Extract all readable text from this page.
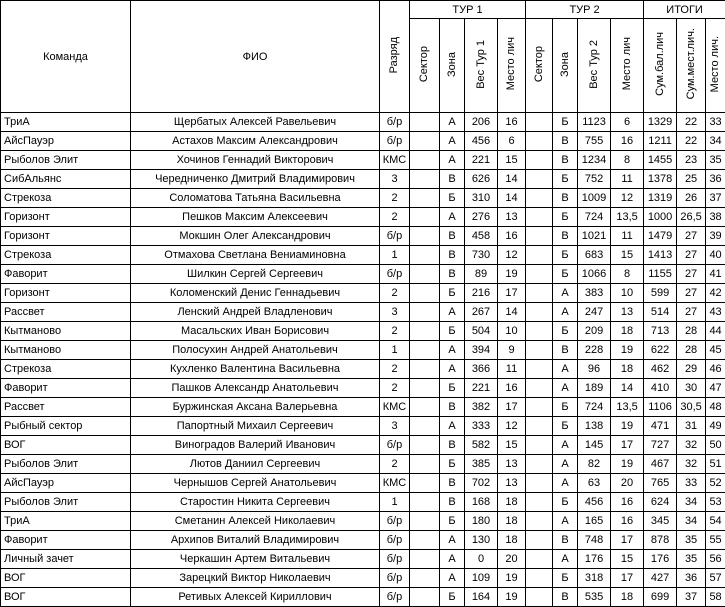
Команда	ФИО	Разряд	ТУР 1				ТУР 2				ИТОГИ		
			Сектор	Зона	Вес Тур 1	Место лич	Сектор	Зона	Вес Тур 2	Место лич	Сум.бал.лич	Сум.мест.лич.	Место лич.
ТриА	Щербатых Алексей Равельевич	б/р		А	206	16		Б	1123	6	1329	22	33
АйсПауэр	Астахов Максим Александрович	б/р		А	456	6		В	755	16	1211	22	34
Рыболов Элит	Хочинов Геннадий Викторович	КМС		А	221	15		В	1234	8	1455	23	35
СибАльянс	Чередниченко Дмитрий Владимирович	3		В	626	14		Б	752	11	1378	25	36
Стрекоза	Соломатова Татьяна Васильевна	2		Б	310	14		В	1009	12	1319	26	37
Горизонт	Пешков Максим Алексеевич	2		А	276	13		Б	724	13,5	1000	26,5	38
Горизонт	Мокшин Олег Александрович	б/р		В	458	16		В	1021	11	1479	27	39
Стрекоза	Отмахова Светлана Вениаминовна	1		В	730	12		Б	683	15	1413	27	40
Фаворит	Шилкин Сергей Сергеевич	б/р		В	89	19		Б	1066	8	1155	27	41
Горизонт	Коломенский Денис Геннадьевич	2		Б	216	17		А	383	10	599	27	42
Рассвет	Ленский Андрей Владленович	3		А	267	14		А	247	13	514	27	43
Кытманово	Масальских Иван Борисович	2		Б	504	10		Б	209	18	713	28	44
Кытманово	Полосухин Андрей Анатольевич	1		А	394	9		В	228	19	622	28	45
Стрекоза	Кухленко Валентина Васильевна	2		А	366	11		А	96	18	462	29	46
Фаворит	Пашков Александр Анатольевич	2		Б	221	16		А	189	14	410	30	47
Рассвет	Буржинская Аксана Валерьевна	КМС		В	382	17		Б	724	13,5	1106	30,5	48
Рыбный сектор	Папортный Михаил Сергеевич	3		А	333	12		Б	138	19	471	31	49
ВОГ	Виноградов Валерий Иванович	б/р		В	582	15		А	145	17	727	32	50
Рыболов Элит	Лютов Даниил Сергеевич	2		Б	385	13		А	82	19	467	32	51
АйсПауэр	Чернышов Сергей Анатольевич	КМС		В	702	13		А	63	20	765	33	52
Рыболов Элит	Старостин Никита Сергеевич	1		В	168	18		Б	456	16	624	34	53
ТриА	Сметанин Алексей Николаевич	б/р		Б	180	18		А	165	16	345	34	54
Фаворит	Архипов Виталий Владимирович	б/р		А	130	18		В	748	17	878	35	55
Личный зачет	Черкашин Артем Витальевич	б/р		А	0	20		А	176	15	176	35	56
ВОГ	Зарецкий Виктор Николаевич	б/р		А	109	19		Б	318	17	427	36	57
ВОГ	Ретивых Алексей Кириллович	б/р		Б	164	19		В	535	18	699	37	58
